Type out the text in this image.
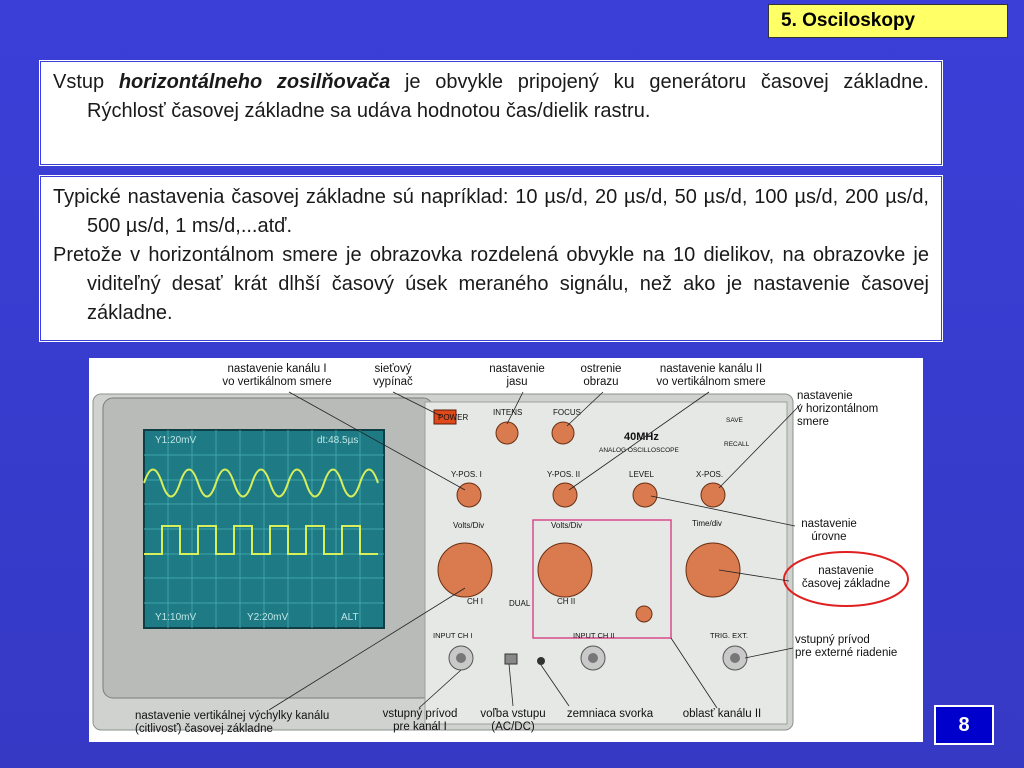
5. Osciloskopy

Vstup horizontálneho zosilňovača je obvykle pripojený ku generátoru časovej základne. Rýchlosť časovej základne sa udáva hodnotou čas/dielik rastru.

Typické nastavenia časovej základne sú napríklad: 10 µs/d, 20 µs/d, 50 µs/d, 100 µs/d, 200 µs/d, 500 µs/d, 1 ms/d,...atď.

Pretože v horizontálnom smere je obrazovka rozdelená obvykle na 10 dielikov, na obrazovke je viditeľný desať krát dlhší časový úsek meraného signálu, než ako je nastavenie časovej základne.

Y1:20mV	dt:48.5µs
Y1:10mV	Y2:20mV	ALT
POWER
INTENS	FOCUS
40MHz
ANALOG OSCILLOSCOPE
SAVE
RECALL
Y-POS. I	Y-POS. II	LEVEL	X-POS.
Volts/Div	Volts/Div	Time/div
CH I	CH II
DUAL
INPUT CH I	INPUT CH II	TRIG. EXT.
nastavenie kanálu I
vo vertikálnom smere
sieťový
vypínač
nastavenie
jasu
ostrenie
obrazu
nastavenie kanálu II
vo vertikálnom smere
nastavenie
v horizontálnom
smere
nastavenie
úrovne
nastavenie
časovej základne
vstupný prívod
pre externé riadenie
nastavenie vertikálnej výchylky kanálu
(citlivosť) časovej základne
vstupný prívod
pre kanál I
voľba vstupu
(AC/DC)
zemniaca svorka	oblasť kanálu II	8
